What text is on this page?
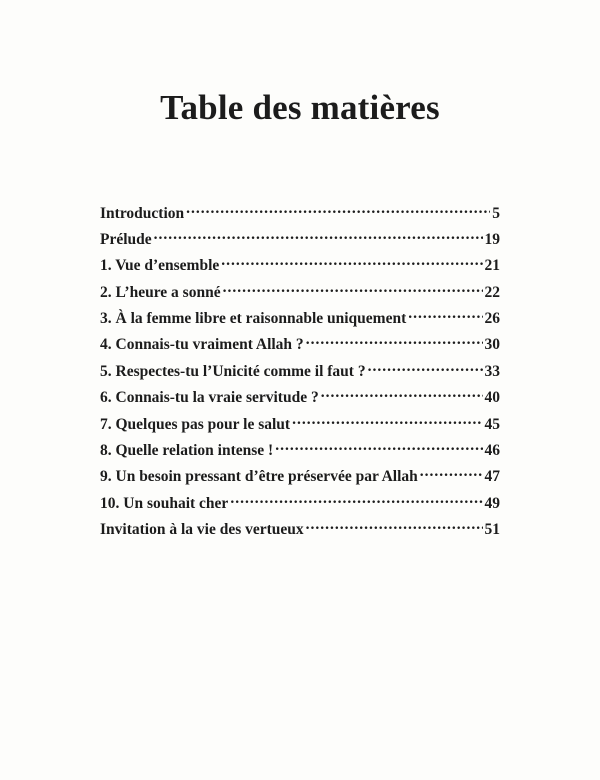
Table des matières
Introduction .....	5
Prélude .....	19
1. Vue d’ensemble .....	21
2. L’heure a sonné .....	22
3. À la femme libre et raisonnable uniquement .....	26
4. Connais-tu vraiment Allah ? .....	30
5. Respectes-tu l’Unicité comme il faut ? .....	33
6. Connais-tu la vraie servitude ? .....	40
7. Quelques pas pour le salut .....	45
8. Quelle relation intense ! .....	46
9. Un besoin pressant d’être préservée par Allah .....	47
10. Un souhait cher .....	49
Invitation à la vie des vertueux .....	51
